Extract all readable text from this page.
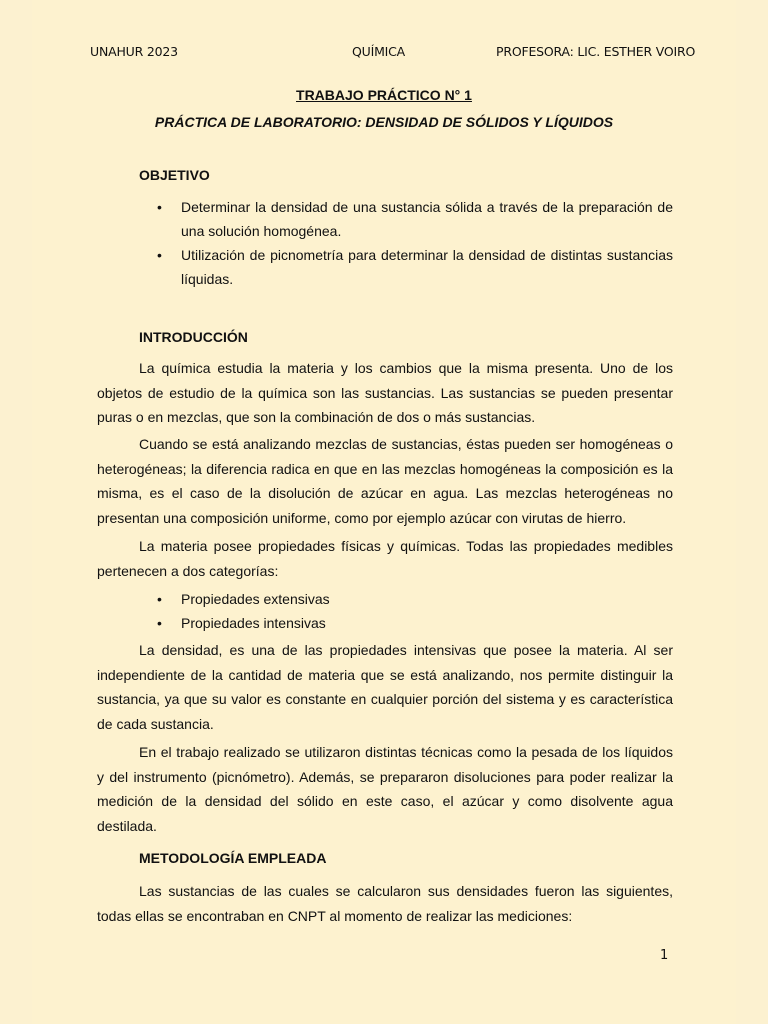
UNAHUR 2023	QUÍMICA	PROFESORA: LIC. ESTHER VOIRO
TRABAJO PRÁCTICO N° 1
PRÁCTICA DE LABORATORIO: DENSIDAD DE SÓLIDOS Y LÍQUIDOS
OBJETIVO
• Determinar la densidad de una sustancia sólida a través de la preparación de una solución homogénea.
• Utilización de picnometría para determinar la densidad de distintas sustancias líquidas.
INTRODUCCIÓN

La química estudia la materia y los cambios que la misma presenta. Uno de los objetos de estudio de la química son las sustancias. Las sustancias se pueden presentar puras o en mezclas, que son la combinación de dos o más sustancias.

Cuando se está analizando mezclas de sustancias, éstas pueden ser homogéneas o heterogéneas; la diferencia radica en que en las mezclas homogéneas la composición es la misma, es el caso de la disolución de azúcar en agua. Las mezclas heterogéneas no presentan una composición uniforme, como por ejemplo azúcar con virutas de hierro.

La materia posee propiedades físicas y químicas. Todas las propiedades medibles pertenecen a dos categorías:

• Propiedades extensivas
• Propiedades intensivas

La densidad, es una de las propiedades intensivas que posee la materia. Al ser independiente de la cantidad de materia que se está analizando, nos permite distinguir la sustancia, ya que su valor es constante en cualquier porción del sistema y es característica de cada sustancia.

En el trabajo realizado se utilizaron distintas técnicas como la pesada de los líquidos y del instrumento (picnómetro). Además, se prepararon disoluciones para poder realizar la medición de la densidad del sólido en este caso, el azúcar y como disolvente agua destilada.

METODOLOGÍA EMPLEADA

Las sustancias de las cuales se calcularon sus densidades fueron las siguientes, todas ellas se encontraban en CNPT al momento de realizar las mediciones:

1
